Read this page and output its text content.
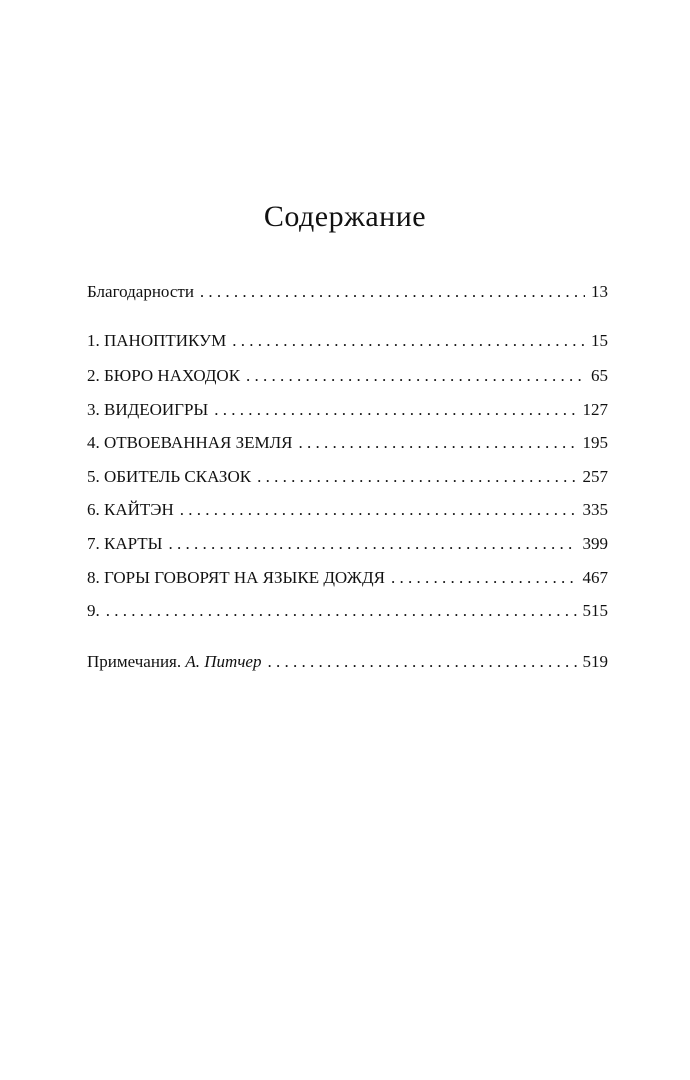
Содержание
Благодарности . . .	13
1. ПАНОПТИКУМ . . .	15
2. БЮРО НАХОДОК . . .	65
3. ВИДЕОИГРЫ . . .	127
4. ОТВОЕВАННАЯ ЗЕМЛЯ . . .	195
5. ОБИТЕЛЬ СКАЗОК . . .	257
6. КАЙТЭН . . .	335
7. КАРТЫ . . .	399
8. ГОРЫ ГОВОРЯТ НА ЯЗЫКЕ ДОЖДЯ . . .	467
9. . . .	515
Примечания. А. Питчер . . .	519
